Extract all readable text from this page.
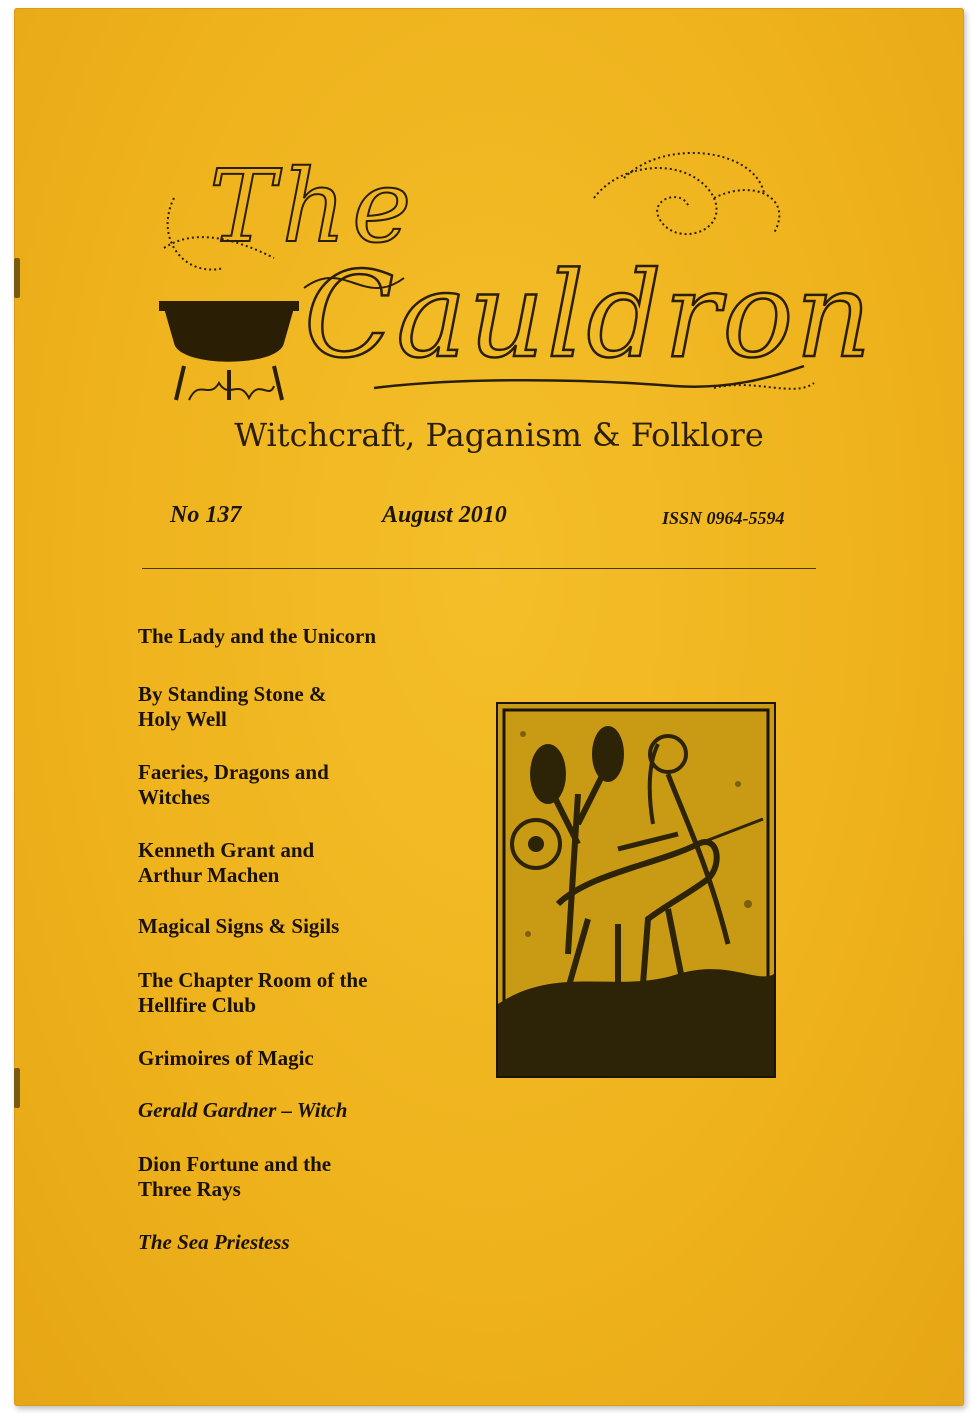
The
Cauldron
Witchcraft, Paganism & Folklore
No 137	August 2010	ISSN 0964-5594

The Lady and the Unicorn

By Standing Stone &
Holy Well

Faeries, Dragons and
Witches

Kenneth Grant and
Arthur Machen

Magical Signs & Sigils

The Chapter Room of the
Hellfire Club

Grimoires of Magic

Gerald Gardner – Witch

Dion Fortune and the
Three Rays

The Sea Priestess
